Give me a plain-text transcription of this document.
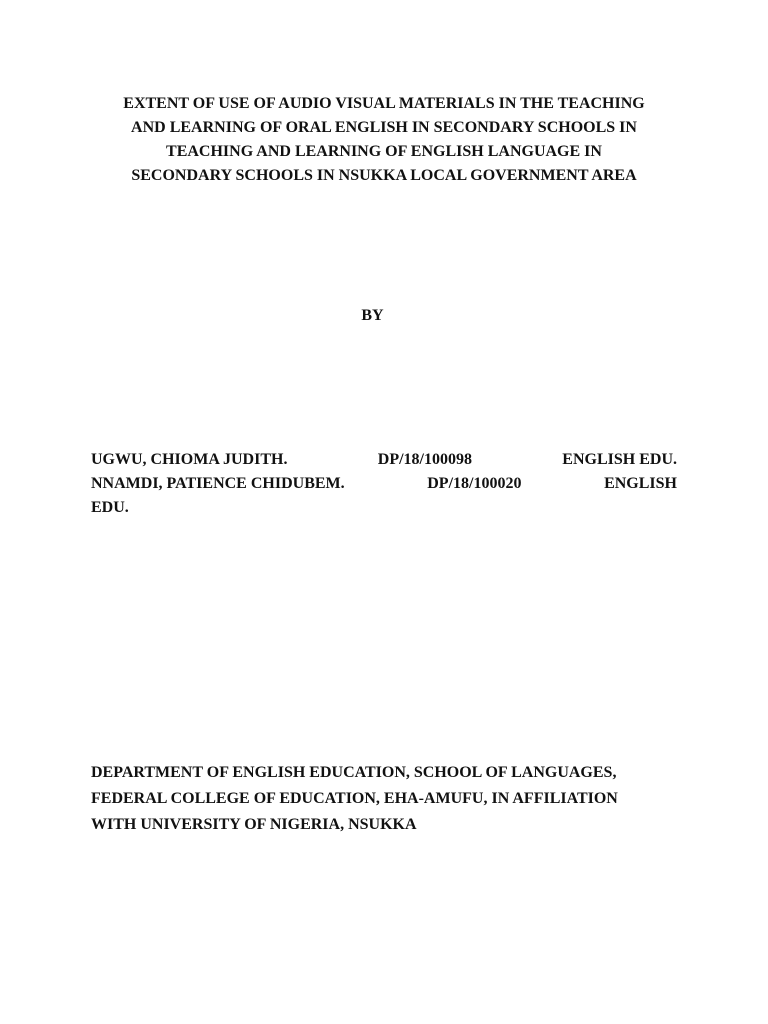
EXTENT OF USE OF AUDIO VISUAL MATERIALS IN THE TEACHING
AND LEARNING OF ORAL ENGLISH IN SECONDARY SCHOOLS IN
TEACHING AND LEARNING OF ENGLISH LANGUAGE IN
SECONDARY SCHOOLS IN NSUKKA LOCAL GOVERNMENT AREA
BY
UGWU, CHIOMA JUDITH.	DP/18/100098	ENGLISH EDU.
NNAMDI, PATIENCE CHIDUBEM.	DP/18/100020	ENGLISH
EDU.
DEPARTMENT OF ENGLISH EDUCATION, SCHOOL OF LANGUAGES,
FEDERAL COLLEGE OF EDUCATION, EHA-AMUFU, IN AFFILIATION
WITH UNIVERSITY OF NIGERIA, NSUKKA
